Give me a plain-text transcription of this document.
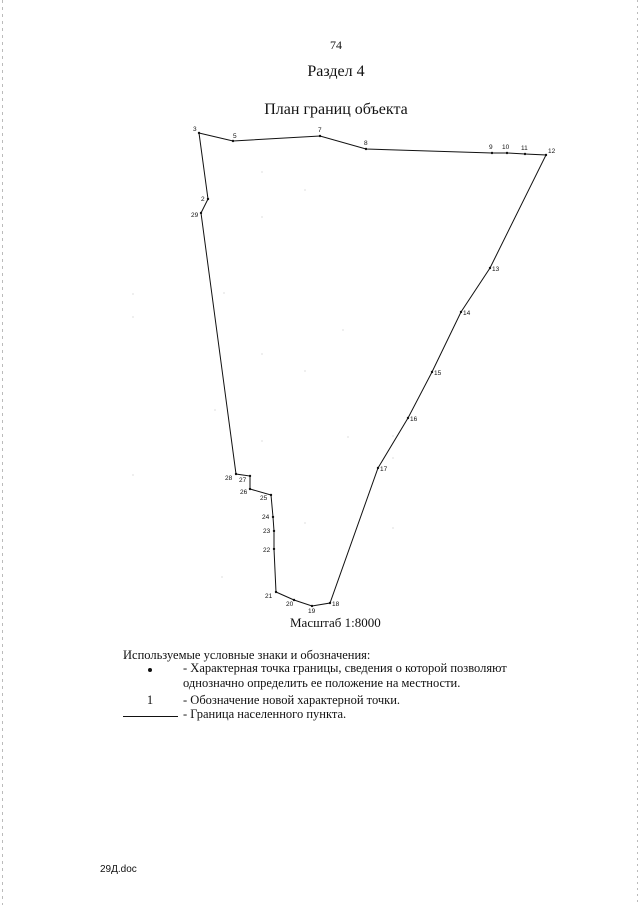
74
Раздел 4
План границ объекта
3
5
7
8
9 10 11	12
13
14
15
16
17
18
19
20
21
22
23
24
25
26
27
28
29
2
Масштаб 1:8000
Используемые условные знаки и обозначения:
- Характерная точка границы, сведения о которой позволяют однозначно определить ее положение на местности.
1	- Обозначение новой характерной точки.
- Граница населенного пункта.
29Д.doc
